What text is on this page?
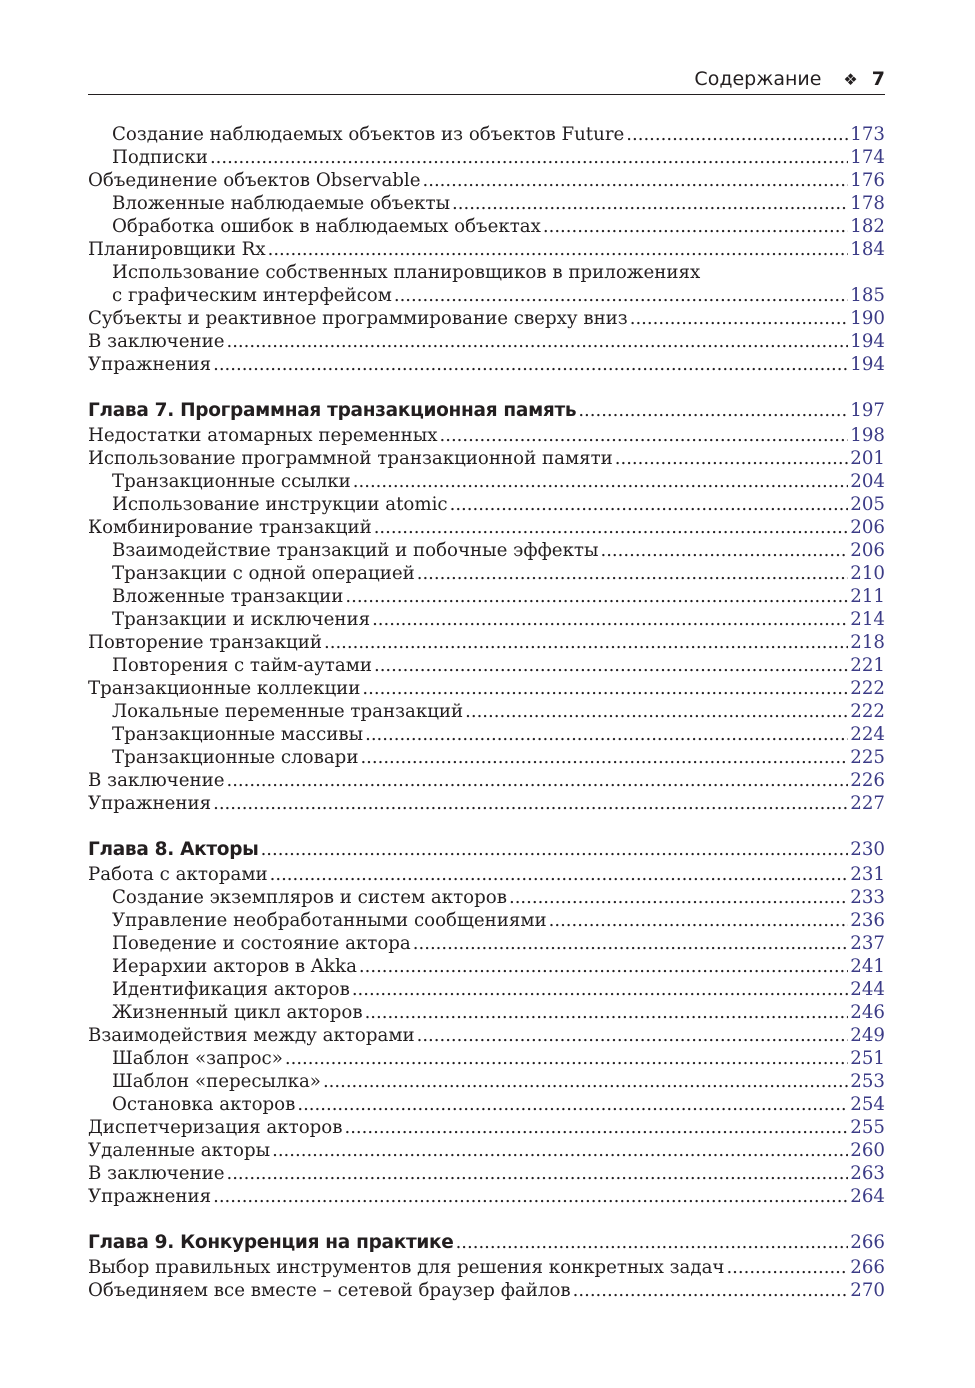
Содержание ❖ 7
Создание наблюдаемых объектов из объектов Future .....	173
Подписки .....	174
Объединение объектов Observable .....	176
Вложенные наблюдаемые объекты .....	178
Обработка ошибок в наблюдаемых объектах .....	182
Планировщики Rx .....	184
Использование собственных планировщиков в приложениях
с графическим интерфейсом .....	185
Субъекты и реактивное программирование сверху вниз .....	190
В заключение .....	194
Упражнения .....	194
Глава 7. Программная транзакционная память .....	197
Недостатки атомарных переменных .....	198
Использование программной транзакционной памяти .....	201
Транзакционные ссылки .....	204
Использование инструкции atomic .....	205
Комбинирование транзакций .....	206
Взаимодействие транзакций и побочные эффекты .....	206
Транзакции с одной операцией .....	210
Вложенные транзакции .....	211
Транзакции и исключения .....	214
Повторение транзакций .....	218
Повторения с тайм-аутами .....	221
Транзакционные коллекции .....	222
Локальные переменные транзакций .....	222
Транзакционные массивы .....	224
Транзакционные словари .....	225
В заключение .....	226
Упражнения .....	227
Глава 8. Акторы .....	230
Работа с акторами .....	231
Создание экземпляров и систем акторов .....	233
Управление необработанными сообщениями .....	236
Поведение и состояние актора .....	237
Иерархии акторов в Akka .....	241
Идентификация акторов .....	244
Жизненный цикл акторов .....	246
Взаимодействия между акторами .....	249
Шаблон «запрос» .....	251
Шаблон «пересылка» .....	253
Остановка акторов .....	254
Диспетчеризация акторов .....	255
Удаленные акторы .....	260
В заключение .....	263
Упражнения .....	264
Глава 9. Конкуренция на практике .....	266
Выбор правильных инструментов для решения конкретных задач .....	266
Объединяем все вместе – сетевой браузер файлов .....	270
